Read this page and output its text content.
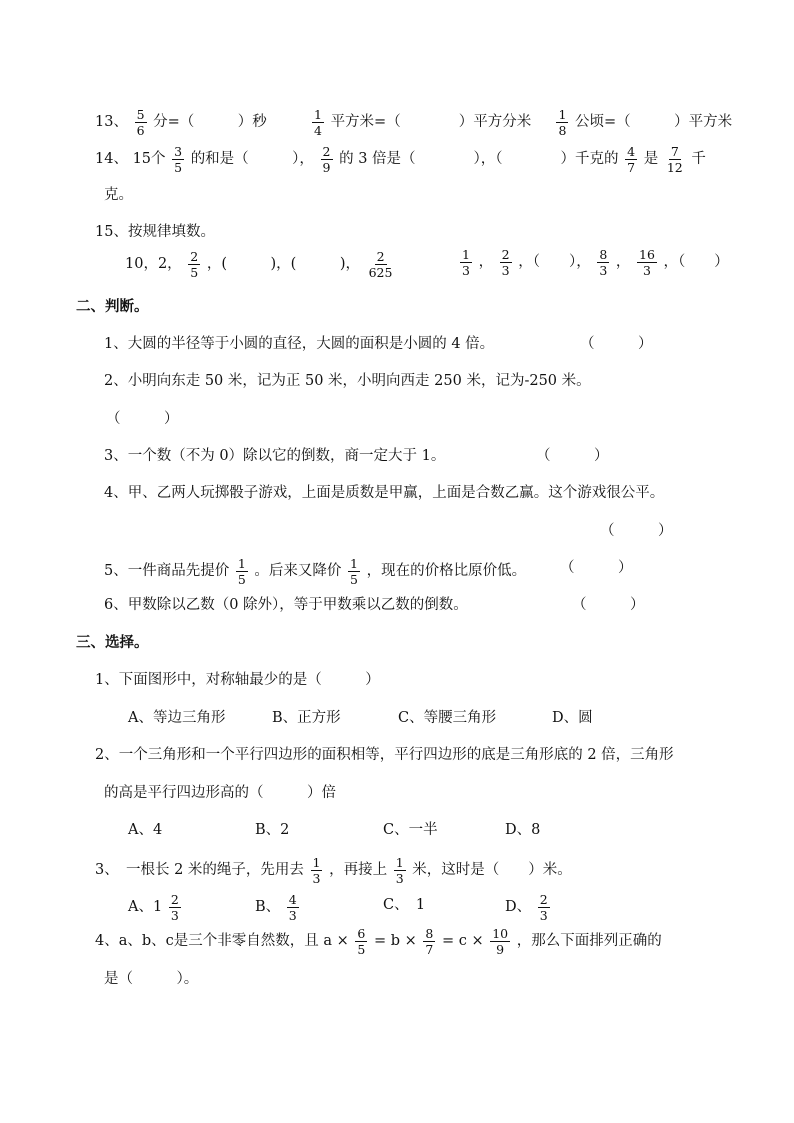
13、 $\frac{5}{6}$ 分=（　　　）秒	$\frac{1}{4}$ 平方米=（　　　　）平方分米 $\frac{1}{8}$ 公顷=（　　　）平方米
14、 15个 $\frac{3}{5}$ 的和是（　　　）， $\frac{2}{9}$ 的 3 倍是（　　　　），（　　　　）千克的 $\frac{4}{7}$ 是 $\frac{7}{12}$ 千
克。
15、按规律填数。
10，2， $\frac{2}{5}$ ，(　　　)，(　　　)， $\frac{2}{625}$	$\frac{1}{3}$ ， $\frac{2}{3}$ ，（　　）， $\frac{8}{3}$ ， $\frac{16}{3}$ ，（　　）
二、判断。
1、大圆的半径等于小圆的直径，大圆的面积是小圆的 4 倍。	（　　　）
2、小明向东走 50 米，记为正 50 米，小明向西走 250 米，记为-250 米。
（　　　）
3、一个数（不为 0）除以它的倒数，商一定大于 1。	（　　　）
4、甲、乙两人玩掷骰子游戏，上面是质数是甲赢，上面是合数乙赢。这个游戏很公平。
（　　　）
5、一件商品先提价 $\frac{1}{5}$ 。后来又降价 $\frac{1}{5}$ ，现在的价格比原价低。 （　　　）
6、甲数除以乙数（0 除外），等于甲数乘以乙数的倒数。	（　　　）
三、选择。
1、下面图形中，对称轴最少的是（　　　）
A、等边三角形	B、正方形	C、等腰三角形	D、圆
2、一个三角形和一个平行四边形的面积相等，平行四边形的底是三角形底的 2 倍，三角形
的高是平行四边形高的（　　　）倍
A、4	B、2	C、一半	D、8
3、　一根长 2 米的绳子，先用去 $\frac{1}{3}$ ，再接上 $\frac{1}{3}$ 米，这时是（　　）米。
A、$1 \frac{2}{3}$	B、 $\frac{4}{3}$	C、　1	D、 $\frac{2}{3}$
4、a、b、c是三个非零自然数，且 $a \times \frac{6}{5} = b \times \frac{8}{7} = c \times \frac{10}{9}$ ，那么下面排列正确的
是（　　　）。
